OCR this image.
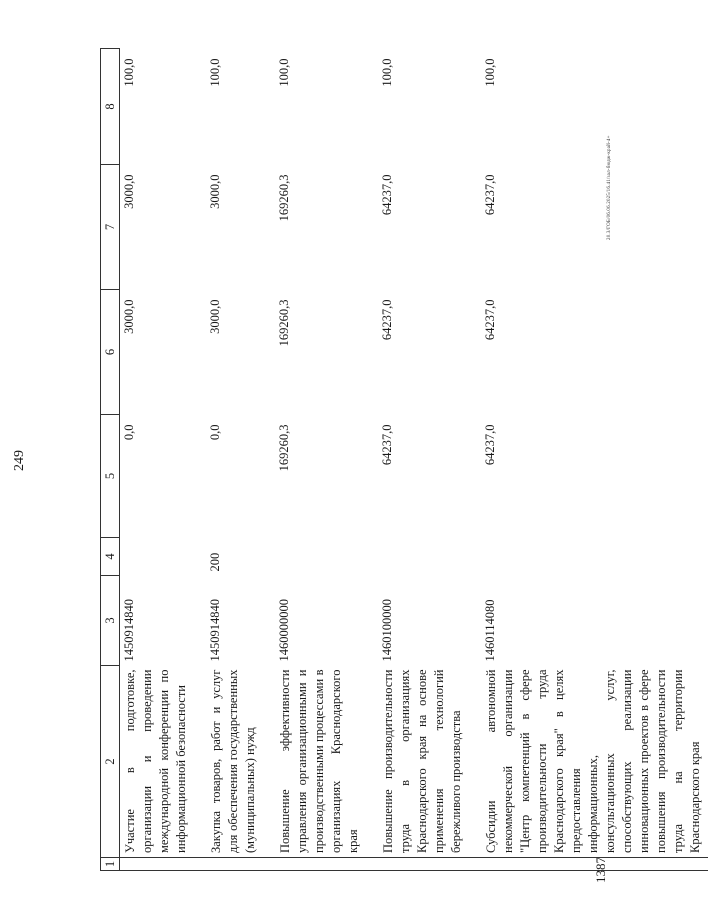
249
1387
20.3/ГОБ/06.06.2025/16.41/зал-бюдж-край-4+
1	2	3	4	5	6	7	8
	Участие в подготовке, организации и проведении международной конференции по информационной безопасности	1450914840		0,0	3000,0	3000,0	100,0
	Закупка товаров, работ и услуг для обеспечения государственных (муниципальных) нужд	1450914840	200	0,0	3000,0	3000,0	100,0
	Повышение эффективности управления организационными и производственными процессами в организациях Краснодарского края	1460000000		169260,3	169260,3	169260,3	100,0
	Повышение производительности труда в организациях Краснодарского края на основе применения технологий бережливого производства	1460100000		64237,0	64237,0	64237,0	100,0
	Субсидии автономной некоммерческой организации "Центр компетенций в сфере производительности труда Краснодарского края" в целях предоставления информационных, консультационных услуг, способствующих реализации инновационных проектов в сфере повышения производительности труда на территории Краснодарского края	1460114080		64237,0	64237,0	64237,0	100,0
